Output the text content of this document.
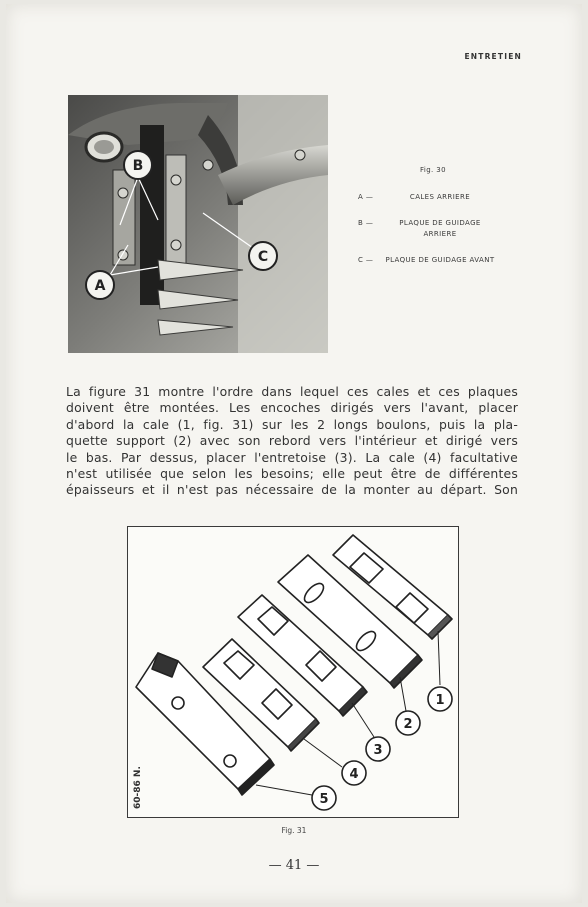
ENTRETIEN
B
A
C
Fig. 30
A —	CALES ARRIERE
B —	PLAQUE DE GUIDAGE ARRIERE
C —	PLAQUE DE GUIDAGE AVANT
La figure 31 montre l'ordre dans lequel ces cales et ces plaques
doivent être montées. Les encoches dirigés vers l'avant, placer
d'abord la cale (1, fig. 31) sur les 2 longs boulons, puis la pla-
quette support (2) avec son rebord vers l'intérieur et dirigé vers
le bas. Par dessus, placer l'entretoise (3). La cale (4) facultative
n'est utilisée que selon les besoins; elle peut être de différentes
épaisseurs et il n'est pas nécessaire de la monter au départ. Son
1
2
3
4
5
60-86 N.
Fig. 31
— 41 —
